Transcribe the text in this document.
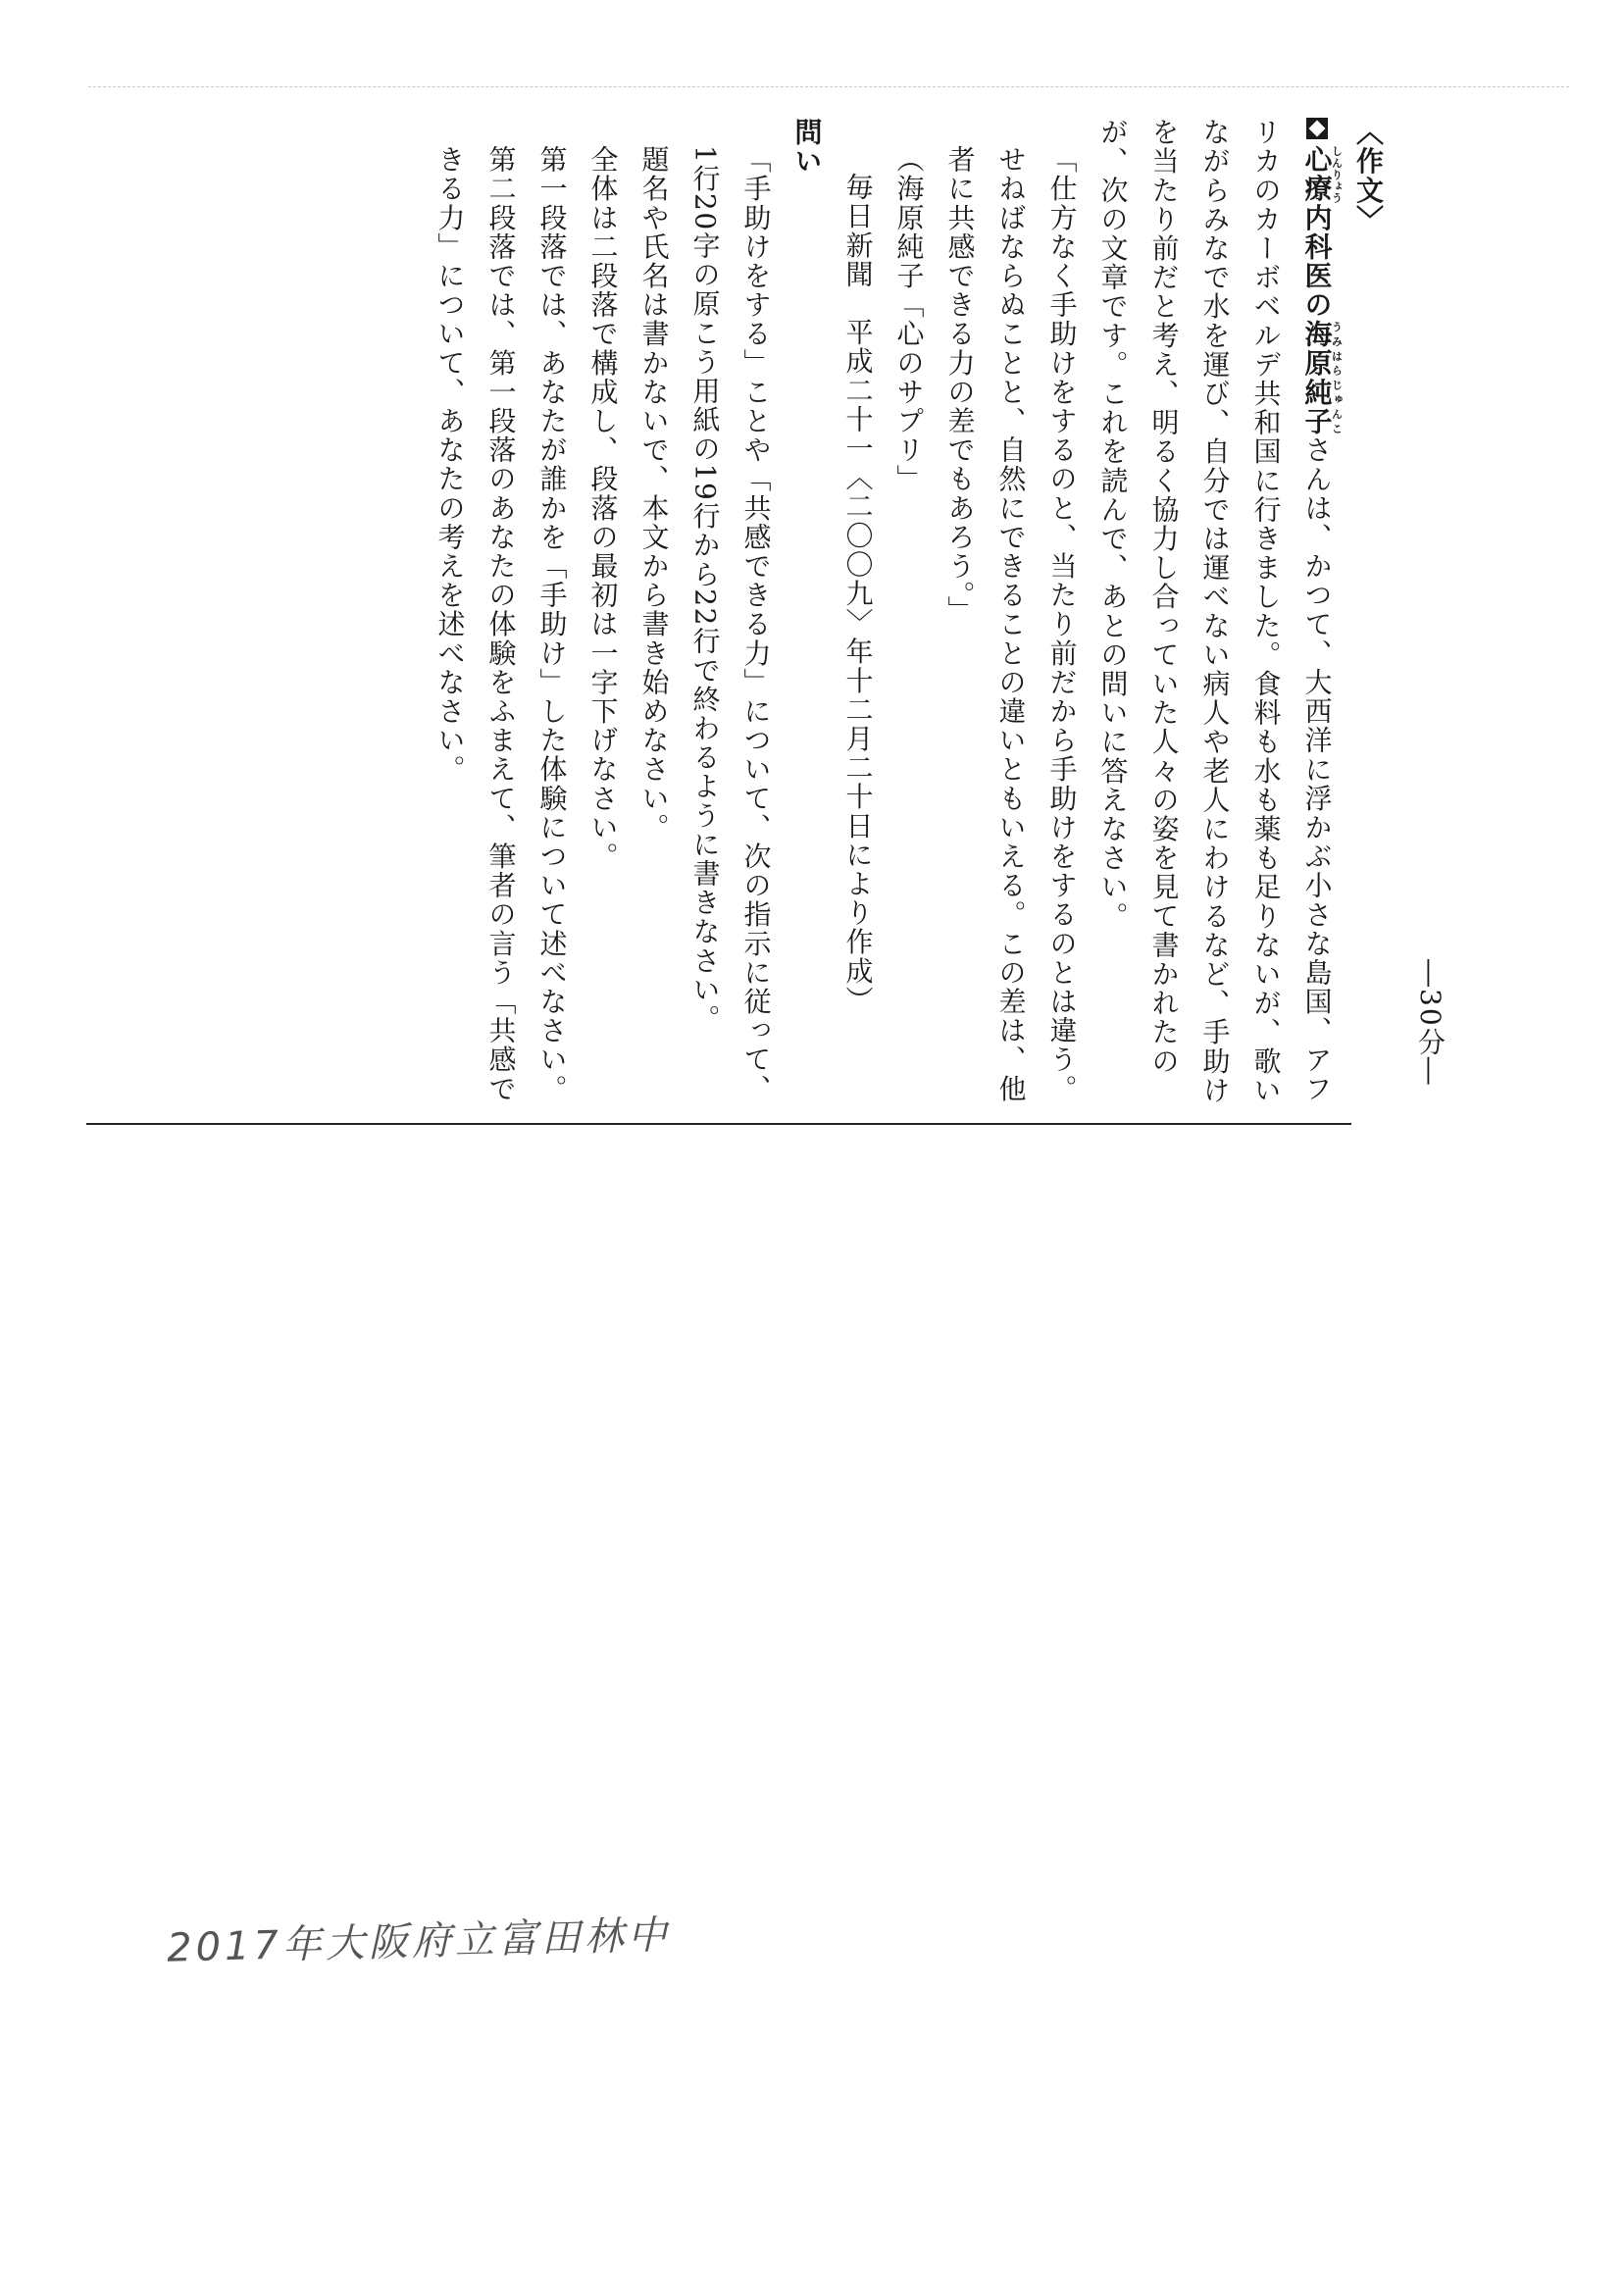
―30分―

〈作文〉

心療しんりょう内科医の海原純子うみはらじゅんこさんは、かつて、大西洋に浮かぶ小さな島国、アフリカのカーボベルデ共和国に行きました。食料も水も薬も足りないが、歌いながらみなで水を運び、自分では運べない病人や老人にわけるなど、手助けを当たり前だと考え、明るく協力し合っていた人々の姿を見て書かれたのが、次の文章です。これを読んで、あとの問いに答えなさい。

「仕方なく手助けをするのと、当たり前だから手助けをするのとは違う。せねばならぬことと、自然にできることの違いともいえる。この差は、他者に共感できる力の差でもあろう。」

（海原純子「心のサプリ」

毎日新聞　平成二十一〈二〇〇九〉年十二月二十日により作成）

問い

「手助けをする」ことや「共感できる力」について、次の指示に従って、1行20字の原こう用紙の19行から22行で終わるように書きなさい。

題名や氏名は書かないで、本文から書き始めなさい。

全体は二段落で構成し、段落の最初は一字下げなさい。

第一段落では、あなたが誰かを「手助け」した体験について述べなさい。

第二段落では、第一段落のあなたの体験をふまえて、筆者の言う「共感できる力」について、あなたの考えを述べなさい。

2017年大阪府立富田林中
